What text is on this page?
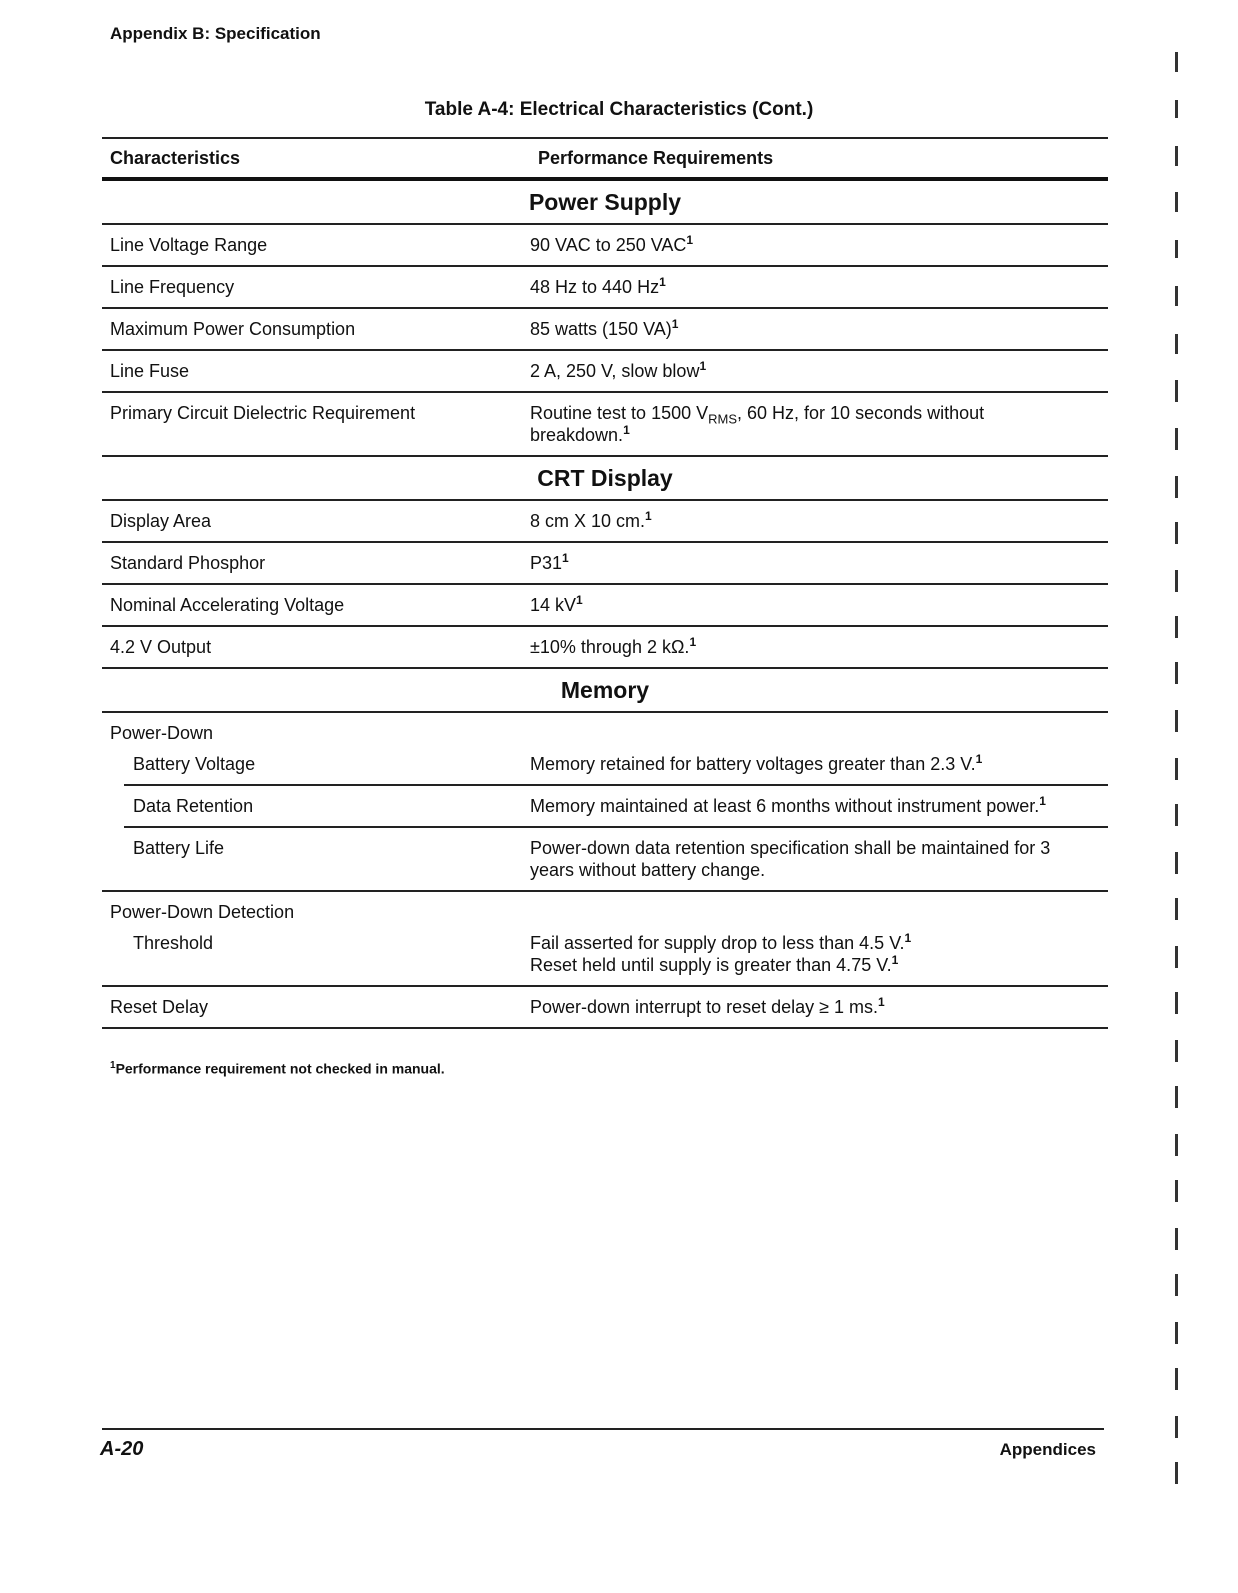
Appendix B: Specification
Table A-4: Electrical Characteristics (Cont.)
Characteristics	Performance Requirements
Power Supply
Line Voltage Range	90 VAC to 250 VAC$^1$
Line Frequency	48 Hz to 440 Hz$^1$
Maximum Power Consumption	85 watts (150 VA)$^1$
Line Fuse	2 A, 250 V, slow blow$^1$
Primary Circuit Dielectric Requirement	Routine test to 1500 $V_{RMS}$, 60 Hz, for 10 seconds without breakdown.$^1$
CRT Display
Display Area	8 cm X 10 cm.$^1$
Standard Phosphor	$P31^1$
Nominal Accelerating Voltage	14 $kV^1$
4.2 V Output	±10% through 2 kΩ.$^1$
Memory
Power-Down
Battery Voltage	Memory retained for battery voltages greater than 2.3 V.$^1$
Data Retention	Memory maintained at least 6 months without instrument power.$^1$
Battery Life	Power-down data retention specification shall be maintained for 3 years without battery change.
Power-Down Detection
Threshold	Fail asserted for supply drop to less than 4.5 V.$^1$
Reset held until supply is greater than 4.75 V.$^1$
Reset Delay	Power-down interrupt to reset delay ≥ 1 ms.$^1$
$^1$Performance requirement not checked in manual.
A-20	Appendices
